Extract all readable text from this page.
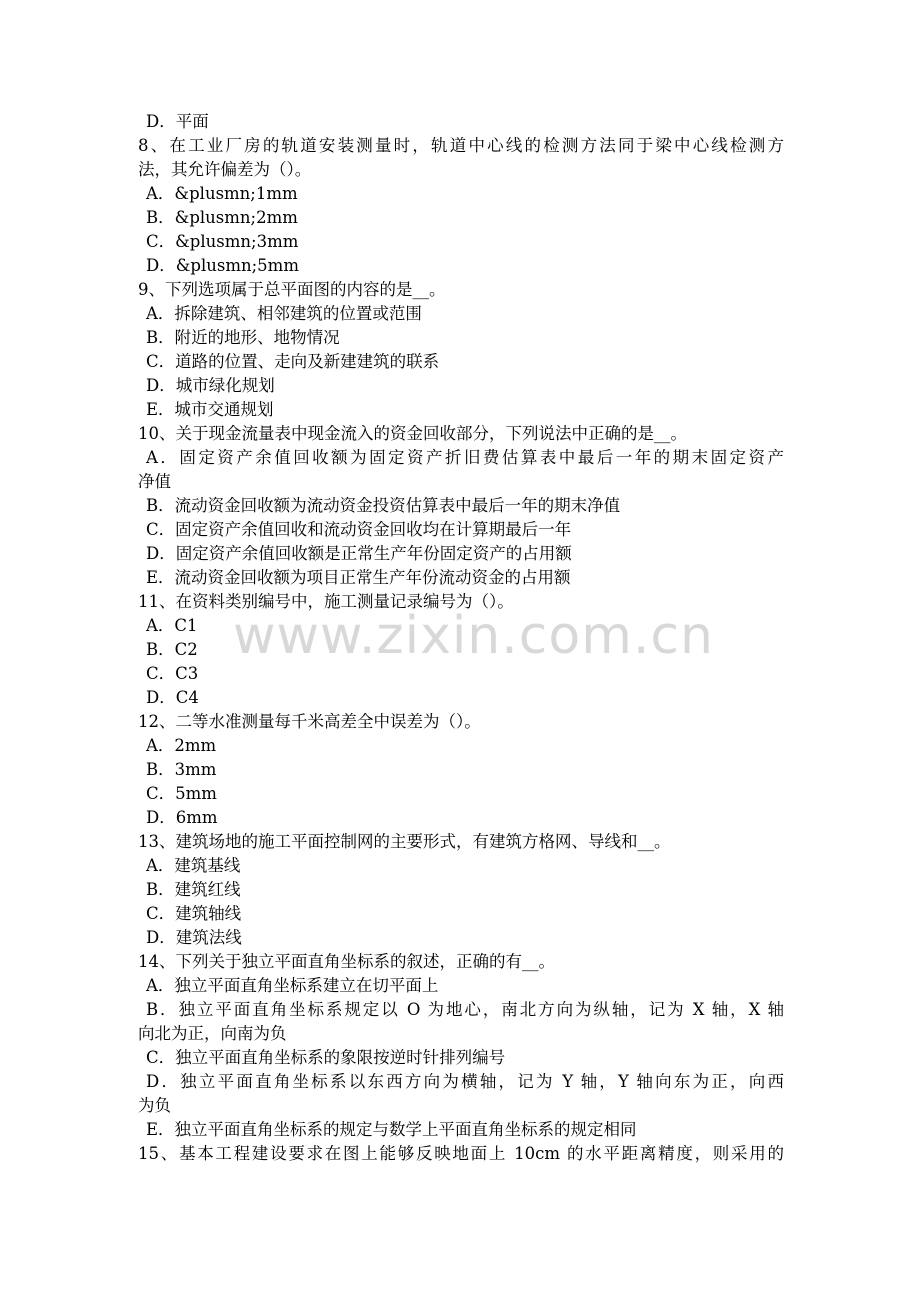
D．平面
8、在工业厂房的轨道安装测量时，轨道中心线的检测方法同于梁中心线检测方
法，其允许偏差为（）。
A．&plusmn;1mm
B．&plusmn;2mm
C．&plusmn;3mm
D．&plusmn;5mm
9、下列选项属于总平面图的内容的是__。
A．拆除建筑、相邻建筑的位置或范围
B．附近的地形、地物情况
C．道路的位置、走向及新建建筑的联系
D．城市绿化规划
E．城市交通规划
10、关于现金流量表中现金流入的资金回收部分，下列说法中正确的是__。
A．固定资产余值回收额为固定资产折旧费估算表中最后一年的期末固定资产
净值
B．流动资金回收额为流动资金投资估算表中最后一年的期末净值
C．固定资产余值回收和流动资金回收均在计算期最后一年
D．固定资产余值回收额是正常生产年份固定资产的占用额
E．流动资金回收额为项目正常生产年份流动资金的占用额
11、在资料类别编号中，施工测量记录编号为（）。
A．C1
B．C2
C．C3
D．C4
12、二等水准测量每千米高差全中误差为（）。
A．2mm
B．3mm
C．5mm
D．6mm
13、建筑场地的施工平面控制网的主要形式，有建筑方格网、导线和__。
A．建筑基线
B．建筑红线
C．建筑轴线
D．建筑法线
14、下列关于独立平面直角坐标系的叙述，正确的有__。
A．独立平面直角坐标系建立在切平面上
B．独立平面直角坐标系规定以 O 为地心，南北方向为纵轴，记为 X 轴，X 轴
向北为正，向南为负
C．独立平面直角坐标系的象限按逆时针排列编号
D．独立平面直角坐标系以东西方向为横轴，记为 Y 轴，Y 轴向东为正，向西
为负
E．独立平面直角坐标系的规定与数学上平面直角坐标系的规定相同
15、基本工程建设要求在图上能够反映地面上 10cm 的水平距离精度，则采用的
www.zixin.com.cn
